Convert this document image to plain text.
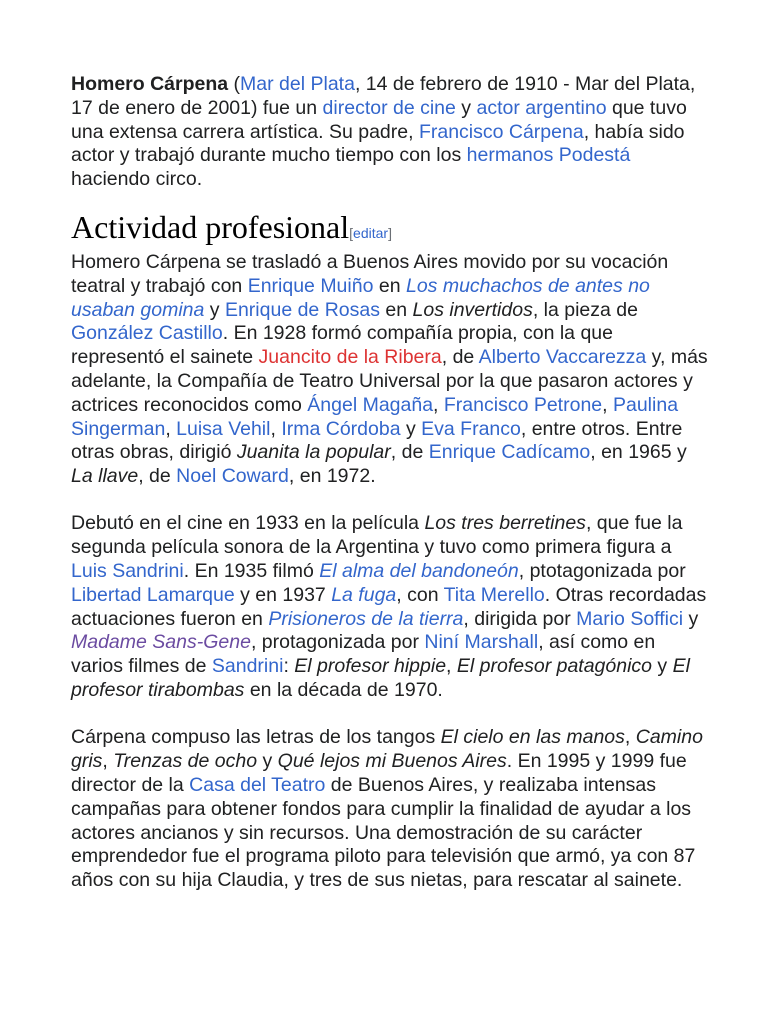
Homero Cárpena (Mar del Plata, 14 de febrero de 1910 - Mar del Plata, 17 de enero de 2001) fue un director de cine y actor argentino que tuvo una extensa carrera artística. Su padre, Francisco Cárpena, había sido actor y trabajó durante mucho tiempo con los hermanos Podestá haciendo circo.

Actividad profesional[editar]

Homero Cárpena se trasladó a Buenos Aires movido por su vocación teatral y trabajó con Enrique Muiño en Los muchachos de antes no usaban gomina y Enrique de Rosas en Los invertidos, la pieza de González Castillo. En 1928 formó compañía propia, con la que representó el sainete Juancito de la Ribera, de Alberto Vaccarezza y, más adelante, la Compañía de Teatro Universal por la que pasaron actores y actrices reconocidos como Ángel Magaña, Francisco Petrone, Paulina Singerman, Luisa Vehil, Irma Córdoba y Eva Franco, entre otros. Entre otras obras, dirigió Juanita la popular, de Enrique Cadícamo, en 1965 y La llave, de Noel Coward, en 1972.

Debutó en el cine en 1933 en la película Los tres berretines, que fue la segunda película sonora de la Argentina y tuvo como primera figura a Luis Sandrini. En 1935 filmó El alma del bandoneón, ptotagonizada por Libertad Lamarque y en 1937 La fuga, con Tita Merello. Otras recordadas actuaciones fueron en Prisioneros de la tierra, dirigida por Mario Soffici y Madame Sans-Gene, protagonizada por Niní Marshall, así como en varios filmes de Sandrini: El profesor hippie, El profesor patagónico y El profesor tirabombas en la década de 1970.

Cárpena compuso las letras de los tangos El cielo en las manos, Camino gris, Trenzas de ocho y Qué lejos mi Buenos Aires. En 1995 y 1999 fue director de la Casa del Teatro de Buenos Aires, y realizaba intensas campañas para obtener fondos para cumplir la finalidad de ayudar a los actores ancianos y sin recursos. Una demostración de su carácter emprendedor fue el programa piloto para televisión que armó, ya con 87 años con su hija Claudia, y tres de sus nietas, para rescatar al sainete.
